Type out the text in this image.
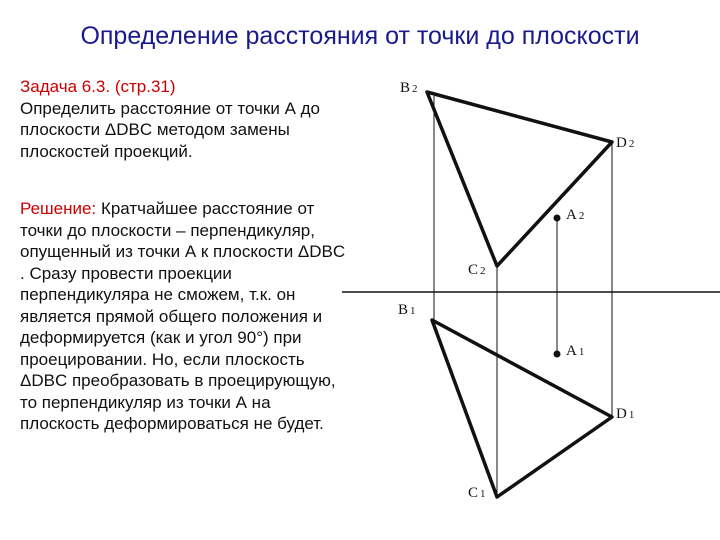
Определение расстояния от точки до плоскости
Задача 6.3. (стр.31)
Определить расстояние от точки А до плоскости ΔDBC методом замены плоскостей проекций.
Решение: Кратчайшее расстояние от точки до плоскости – перпендикуляр, опущенный из точки А к плоскости ΔDBC . Сразу провести проекции перпендикуляра не сможем, т.к. он является прямой общего положения и деформируется (как и угол 90°) при проецировании. Но, если плоскость ΔDBC преобразовать в проецирующую, то перпендикуляр из точки А на плоскость деформироваться не будет.
B 2
D 2
A 2
C 2
B 1
A 1
D 1
C 1
